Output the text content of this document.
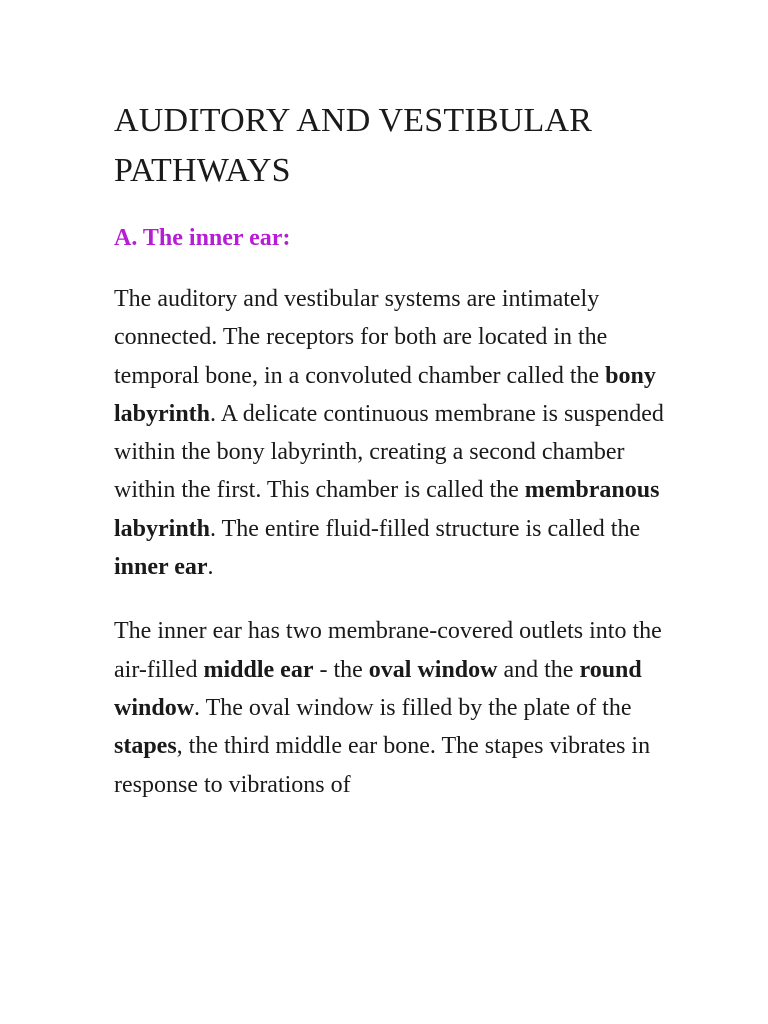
AUDITORY AND VESTIBULAR
PATHWAYS
A. The inner ear:

The auditory and vestibular systems are intimately connected. The receptors for both are located in the temporal bone, in a convoluted chamber called the bony labyrinth. A delicate continuous membrane is suspended within the bony labyrinth, creating a second chamber within the first. This chamber is called the membranous labyrinth. The entire fluid-filled structure is called the inner ear.

The inner ear has two membrane-covered outlets into the air-filled middle ear - the oval window and the round window. The oval window is filled by the plate of the stapes, the third middle ear bone. The stapes vibrates in response to vibrations of
